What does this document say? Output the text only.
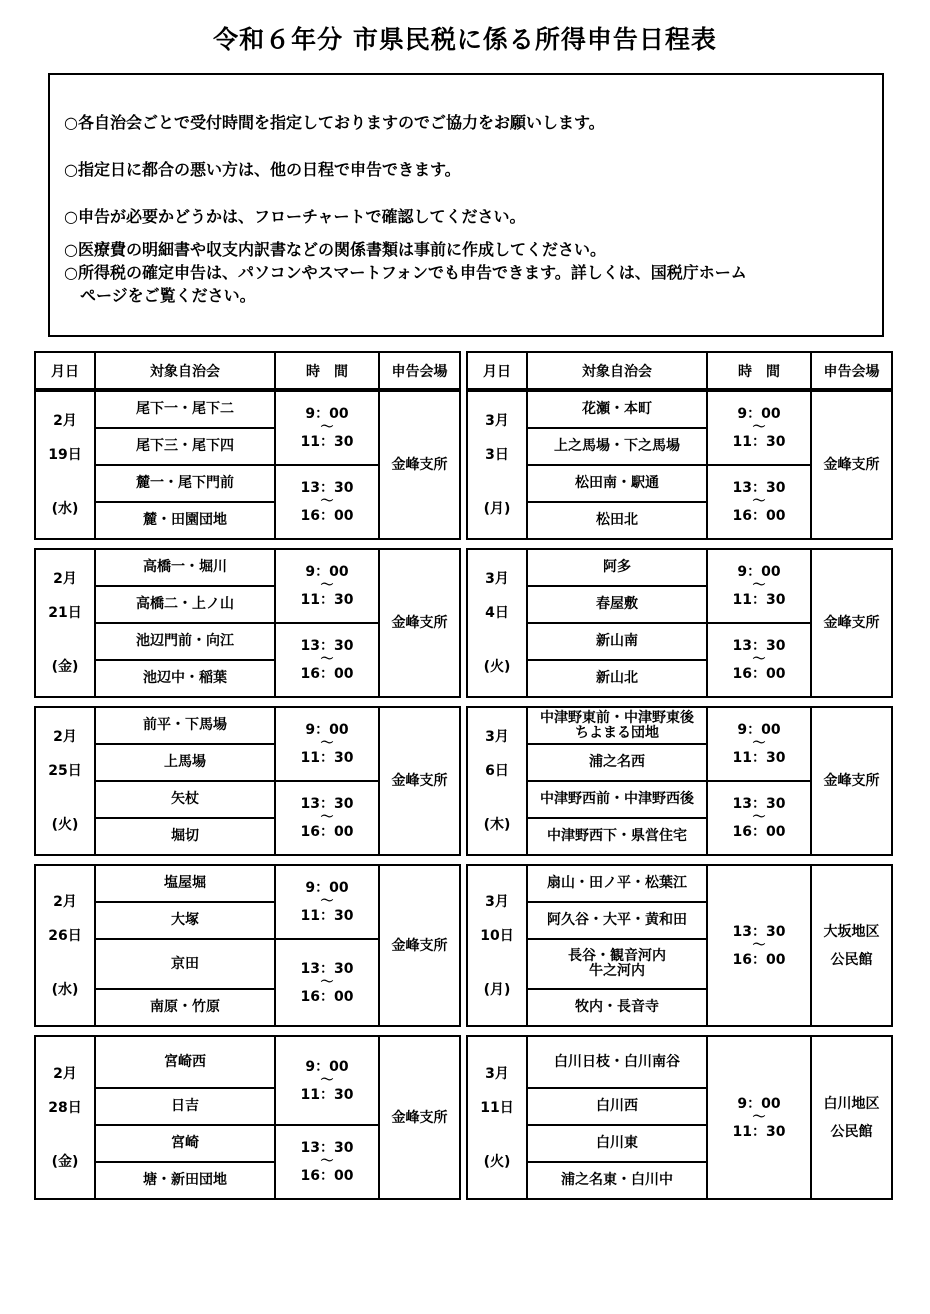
令和６年分 市県民税に係る所得申告日程表

○各自治会ごとで受付時間を指定しておりますのでご協力をお願いします。

○指定日に都合の悪い方は、他の日程で申告できます。

○申告が必要かどうかは、フローチャートで確認してください。

○医療費の明細書や収支内訳書などの関係書類は事前に作成してください。

○所得税の確定申告は、パソコンやスマートフォンでも申告できます。詳しくは、国税庁ホーム

ページをご覧ください。

月日	対象自治会	時　間	申告会場

2月
19日
(水)	尾下一・尾下二	9：00
～
11：30	金峰支所

	尾下三・尾下四		

	麓一・尾下門前	13：30
～
16：00	

	麓・田園団地		

2月
21日
(金)	高橋一・堀川	9：00
～
11：30	金峰支所

	高橋二・上ノ山		

	池辺門前・向江	13：30
～
16：00	

	池辺中・稲葉		

2月
25日
(火)	前平・下馬場	9：00
～
11：30	金峰支所

	上馬場		

	矢杖	13：30
～
16：00	

	堀切		

2月
26日
(水)	塩屋堀	9：00
～
11：30	金峰支所

	大塚		

	京田	13：30
～
16：00	

	南原・竹原		

2月
28日
(金)	宮崎西	9：00
～
11：30	金峰支所

	日吉		

	宮崎	13：30
～
16：00	

	塘・新田団地		
月日	対象自治会	時　間	申告会場

3月
3日
(月)	花瀬・本町	9：00
～
11：30	金峰支所

	上之馬場・下之馬場		

	松田南・駅通	13：30
～
16：00	

	松田北		

3月
4日
(火)	阿多	9：00
～
11：30	金峰支所

	春屋敷		

	新山南	13：30
～
16：00	

	新山北		

3月
6日
(木)	中津野東前・中津野東後
ちよまる団地	9：00
～
11：30	金峰支所

	浦之名西		

	中津野西前・中津野西後	13：30
～
16：00	

	中津野西下・県営住宅		

3月
10日
(月)	扇山・田ノ平・松葉江	13：30
～
16：00	大坂地区
公民館

	阿久谷・大平・黄和田		

	長谷・観音河内
牛之河内		

	牧内・長音寺		

3月
11日
(火)	白川日枝・白川南谷	9：00
～
11：30	白川地区
公民館

	白川西		

	白川東		

	浦之名東・白川中		
